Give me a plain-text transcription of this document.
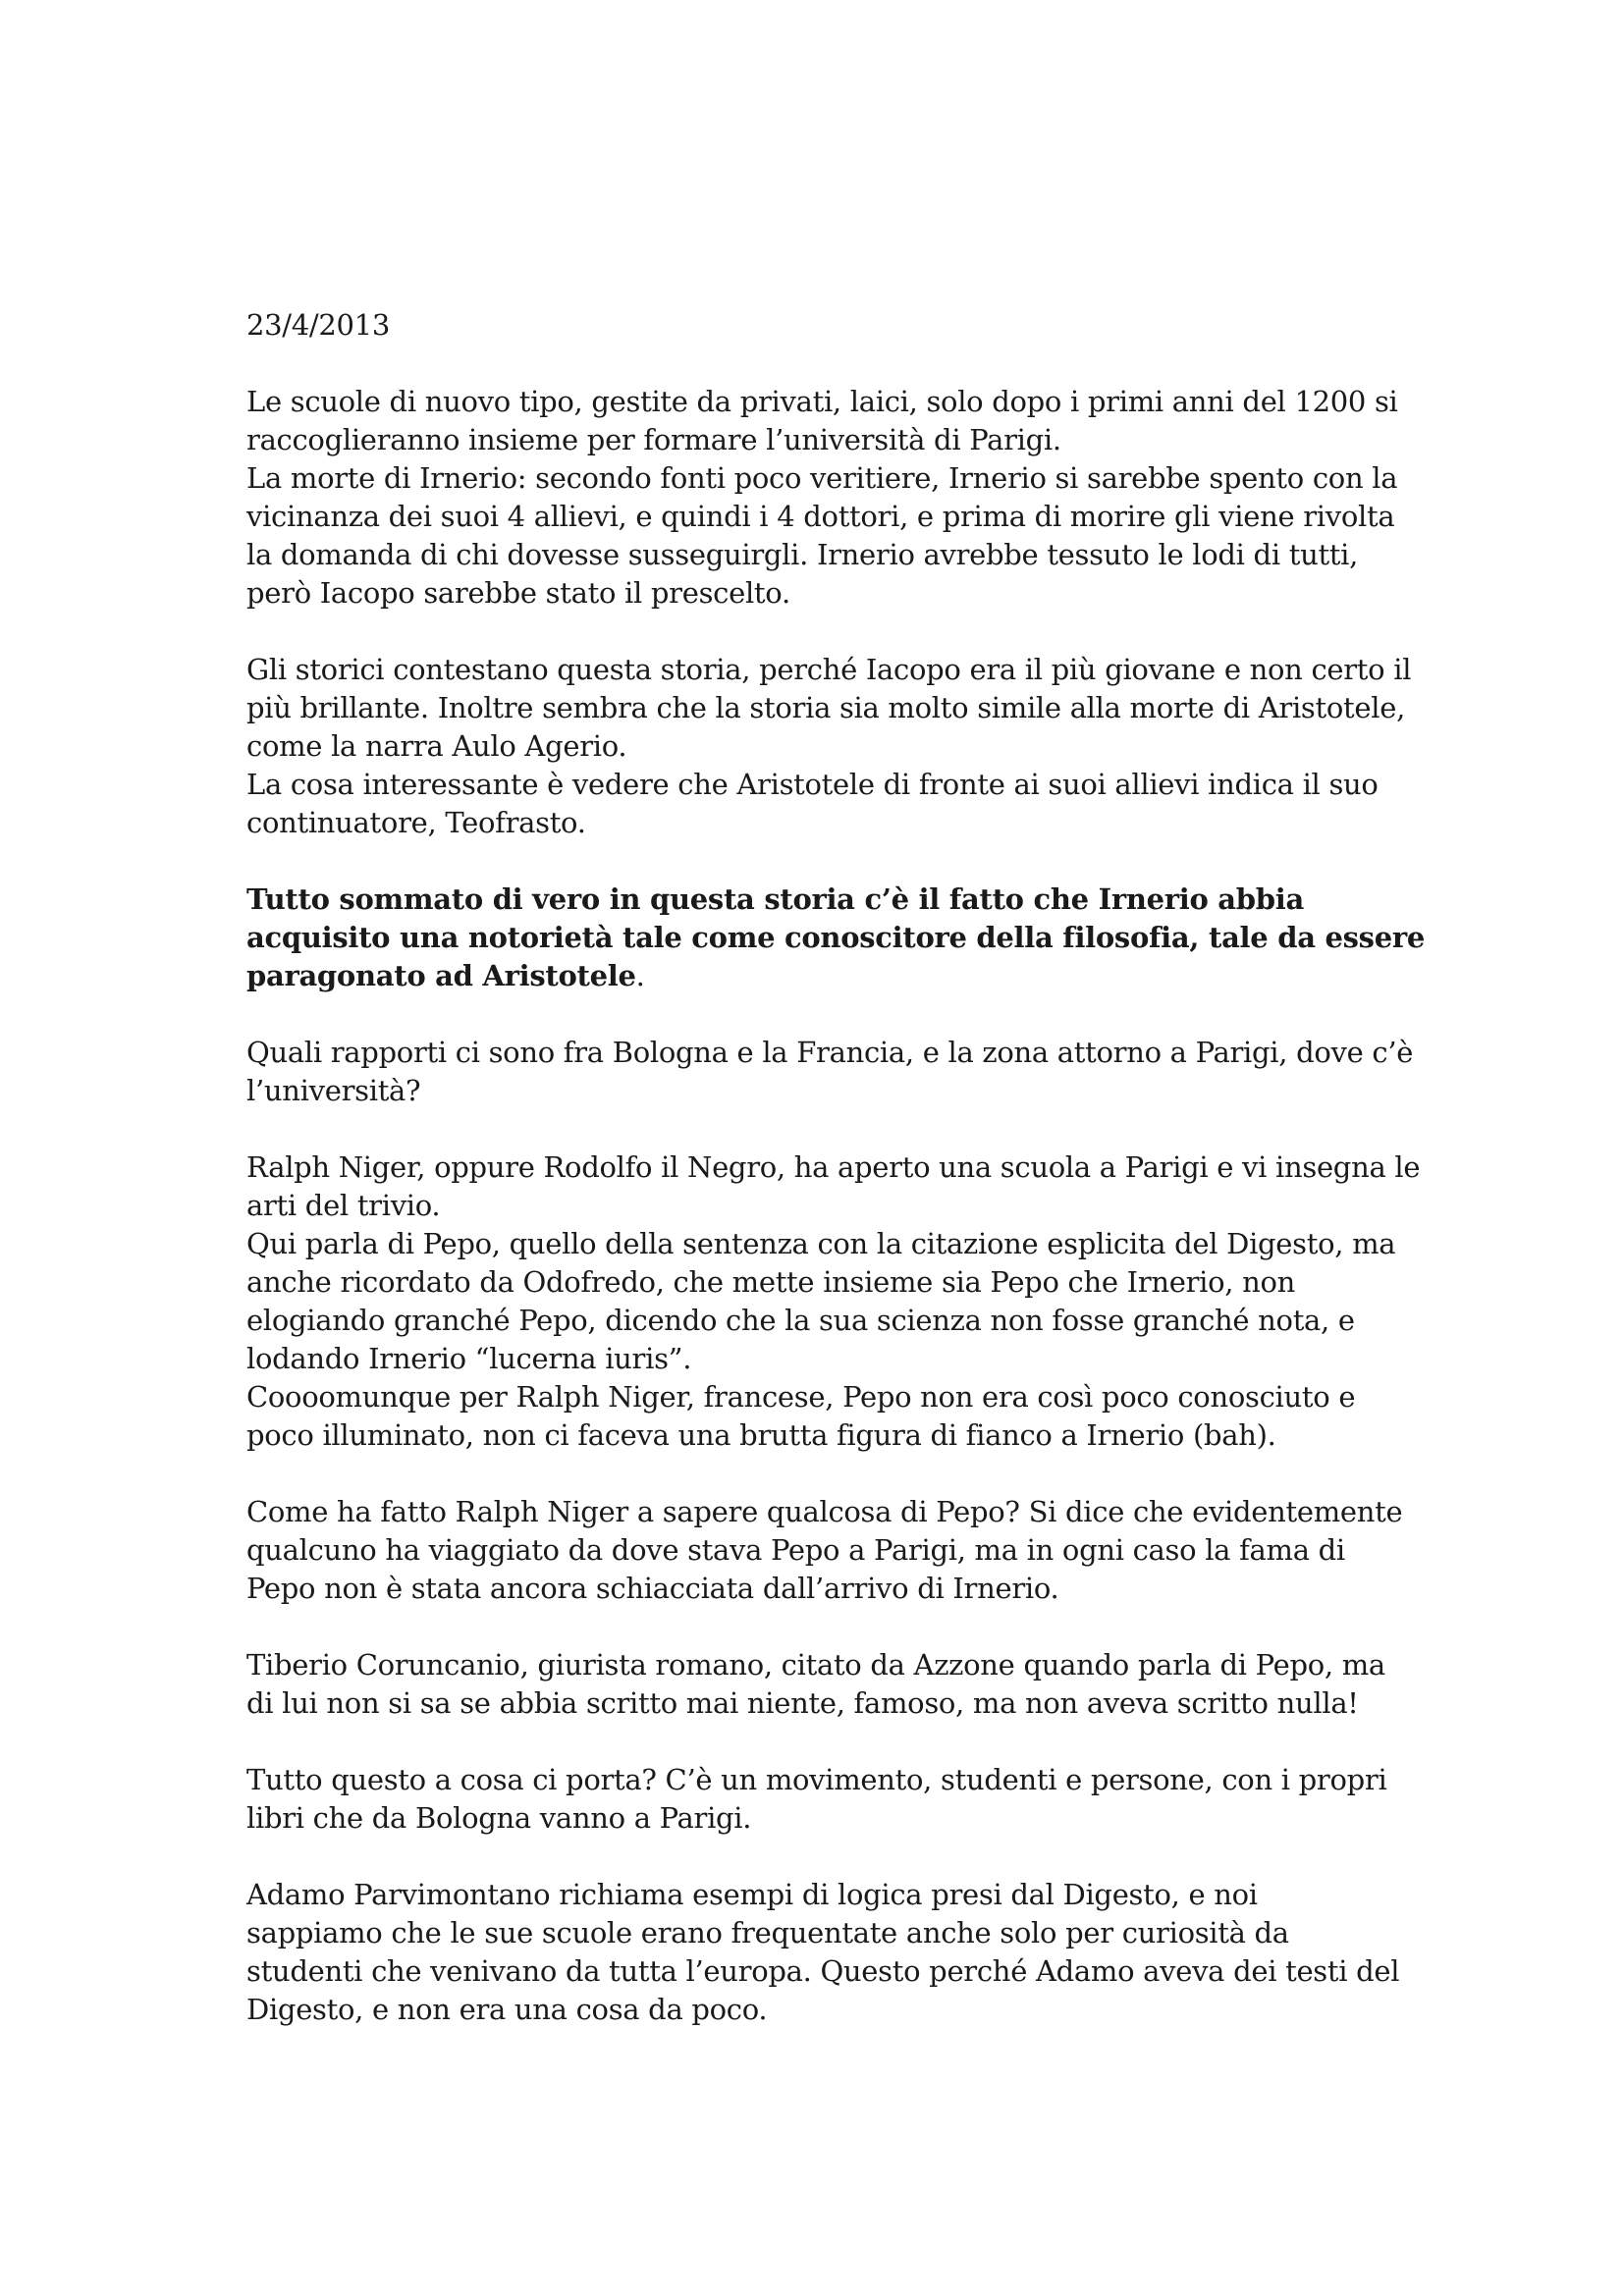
23/4/2013

Le scuole di nuovo tipo, gestite da privati, laici, solo dopo i primi anni del 1200 si
raccoglieranno insieme per formare l’università di Parigi.
La morte di Irnerio: secondo fonti poco veritiere, Irnerio si sarebbe spento con la
vicinanza dei suoi 4 allievi, e quindi i 4 dottori, e prima di morire gli viene rivolta
la domanda di chi dovesse susseguirgli. Irnerio avrebbe tessuto le lodi di tutti,
però Iacopo sarebbe stato il prescelto.

Gli storici contestano questa storia, perché Iacopo era il più giovane e non certo il
più brillante. Inoltre sembra che la storia sia molto simile alla morte di Aristotele,
come la narra Aulo Agerio.
La cosa interessante è vedere che Aristotele di fronte ai suoi allievi indica il suo
continuatore, Teofrasto.

Tutto sommato di vero in questa storia c’è il fatto che Irnerio abbia
acquisito una notorietà tale come conoscitore della filosofia, tale da essere
paragonato ad Aristotele.

Quali rapporti ci sono fra Bologna e la Francia, e la zona attorno a Parigi, dove c’è
l’università?

Ralph Niger, oppure Rodolfo il Negro, ha aperto una scuola a Parigi e vi insegna le
arti del trivio.
Qui parla di Pepo, quello della sentenza con la citazione esplicita del Digesto, ma
anche ricordato da Odofredo, che mette insieme sia Pepo che Irnerio, non
elogiando granché Pepo, dicendo che la sua scienza non fosse granché nota, e
lodando Irnerio “lucerna iuris”.
Coooomunque per Ralph Niger, francese, Pepo non era così poco conosciuto e
poco illuminato, non ci faceva una brutta figura di fianco a Irnerio (bah).

Come ha fatto Ralph Niger a sapere qualcosa di Pepo? Si dice che evidentemente
qualcuno ha viaggiato da dove stava Pepo a Parigi, ma in ogni caso la fama di
Pepo non è stata ancora schiacciata dall’arrivo di Irnerio.

Tiberio Coruncanio, giurista romano, citato da Azzone quando parla di Pepo, ma
di lui non si sa se abbia scritto mai niente, famoso, ma non aveva scritto nulla!

Tutto questo a cosa ci porta? C’è un movimento, studenti e persone, con i propri
libri che da Bologna vanno a Parigi.

Adamo Parvimontano richiama esempi di logica presi dal Digesto, e noi
sappiamo che le sue scuole erano frequentate anche solo per curiosità da
studenti che venivano da tutta l’europa. Questo perché Adamo aveva dei testi del
Digesto, e non era una cosa da poco.
